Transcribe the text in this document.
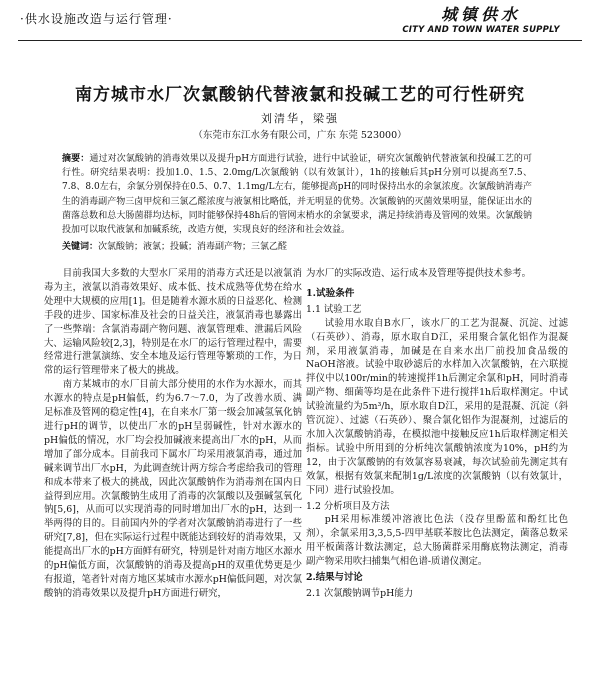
·供水设施改造与运行管理·	城镇供水
CITY AND TOWN WATER SUPPLY
南方城市水厂次氯酸钠代替液氯和投碱工艺的可行性研究
刘清华，梁强
（东莞市东江水务有限公司，广东 东莞 523000）
摘要：通过对次氯酸钠的消毒效果以及提升pH方面进行试验，进行中试验证，研究次氯酸钠代替液氯和投碱工艺的可行性。研究结果表明：投加1.0、1.5、2.0mg/L次氯酸钠（以有效氯计），1h的接触后其pH分别可以提高至7.5、7.8、8.0左右，余氯分别保持在0.5、0.7、1.1mg/L左右，能够提高pH的同时保持出水的余氯浓度。次氯酸钠消毒产生的消毒副产物三卤甲烷和三氯乙醛浓度与液氯相比略低，并无明显的优势。次氯酸钠的灭菌效果明显，能保证出水的菌落总数和总大肠菌群均达标，同时能够保持48h后的管网末梢水的余氯要求，满足持续消毒及管网的效果。次氯酸钠投加可以取代液氯和加碱系统，改造方便，实现良好的经济和社会效益。
关键词：次氯酸钠；液氯；投碱；消毒副产物；三氯乙醛

目前我国大多数的大型水厂采用的消毒方式还是以液氯消毒为主，液氯以消毒效果好、成本低、技术成熟等优势在给水处理中大规模的应用[1]。但是随着水源水质的日益恶化、检测手段的进步、国家标准及社会的日益关注，液氯消毒也暴露出了一些弊端：含氯消毒副产物问题、液氯管理难、泄漏后风险大、运输风险较[2,3]，特别是在水厂的运行管理过程中，需要经常进行泄氯演练、安全本地及运行管理等繁琐的工作，为日常的运行管理带来了极大的挑战。

南方某城市的水厂目前大部分使用的水作为水源水，而其水源水的特点是pH偏低，约为6.7～7.0，为了改善水质、满足标准及管网的稳定性[4]，在自来水厂第一级会加减氢氧化钠进行pH的调节，以使出厂水的pH呈弱碱性，针对水源水的pH偏低的情况，水厂均会投加碱液来提高出厂水的pH，从而增加了部分成本。目前我司下属水厂均采用液氯消毒，通过加碱来调节出厂水pH，为此调查统计两方综合考虑给我司的管理和成本带来了极大的挑战，因此次氯酸钠作为消毒剂在国内日益得到应用。次氯酸钠生成用了消毒的次氯酸以及强碱氢氧化钠[5,6]，从而可以实现消毒的同时增加出厂水的pH，达到一举两得的目的。目前国内外的学者对次氯酸钠消毒进行了一些研究[7,8]，但在实际运行过程中既能达到较好的消毒效果，又能提高出厂水的pH方面鲜有研究，特别是针对南方地区水源水的pH偏低方面，次氯酸钠的消毒及提高pH的双重优势更是少有报道，笔者针对南方地区某城市水源水pH偏低问题，对次氯酸钠的消毒效果以及提升pH方面进行研究，

为水厂的实际改造、运行成本及管理等提供技术参考。

1.试验条件

1.1 试验工艺

试验用水取自B水厂，该水厂的工艺为混凝、沉淀、过滤（石英砂）、消毒，原水取自D江，采用聚合氯化铝作为混凝剂，采用液氯消毒，加碱是在自来水出厂前投加食品级的NaOH溶液。试验中取砂滤后的水样加入次氯酸钠，在六联搅拌仪中以100r/min的转速搅拌1h后测定余氯和pH，同时消毒副产物、细菌等均是在此条件下进行搅拌1h后取样测定。中试试验流量约为5m³/h，原水取自D江，采用的是混凝、沉淀（斜管沉淀）、过滤（石英砂）、聚合氯化铝作为混凝剂，过滤后的水加入次氯酸钠消毒，在模拟池中接触反应1h后取样测定相关指标。试验中所用到的分析纯次氯酸钠浓度为10%，pH约为12，由于次氯酸钠的有效氯容易衰减，每次试验前先测定其有效氯，根据有效氯来配制1g/L浓度的次氯酸钠（以有效氯计，下同）进行试验投加。

1.2 分析项目及方法

pH采用标准缓冲溶液比色法（没存里酚蓝和酚红比色剂），余氯采用3,3,5,5-四甲基联苯胺比色法测定，菌落总数采用平板菌落计数法测定，总大肠菌群采用酶底物法测定，消毒副产物采用吹扫捕集气相色谱-质谱仪测定。

2.结果与讨论

2.1 次氯酸钠调节pH能力
